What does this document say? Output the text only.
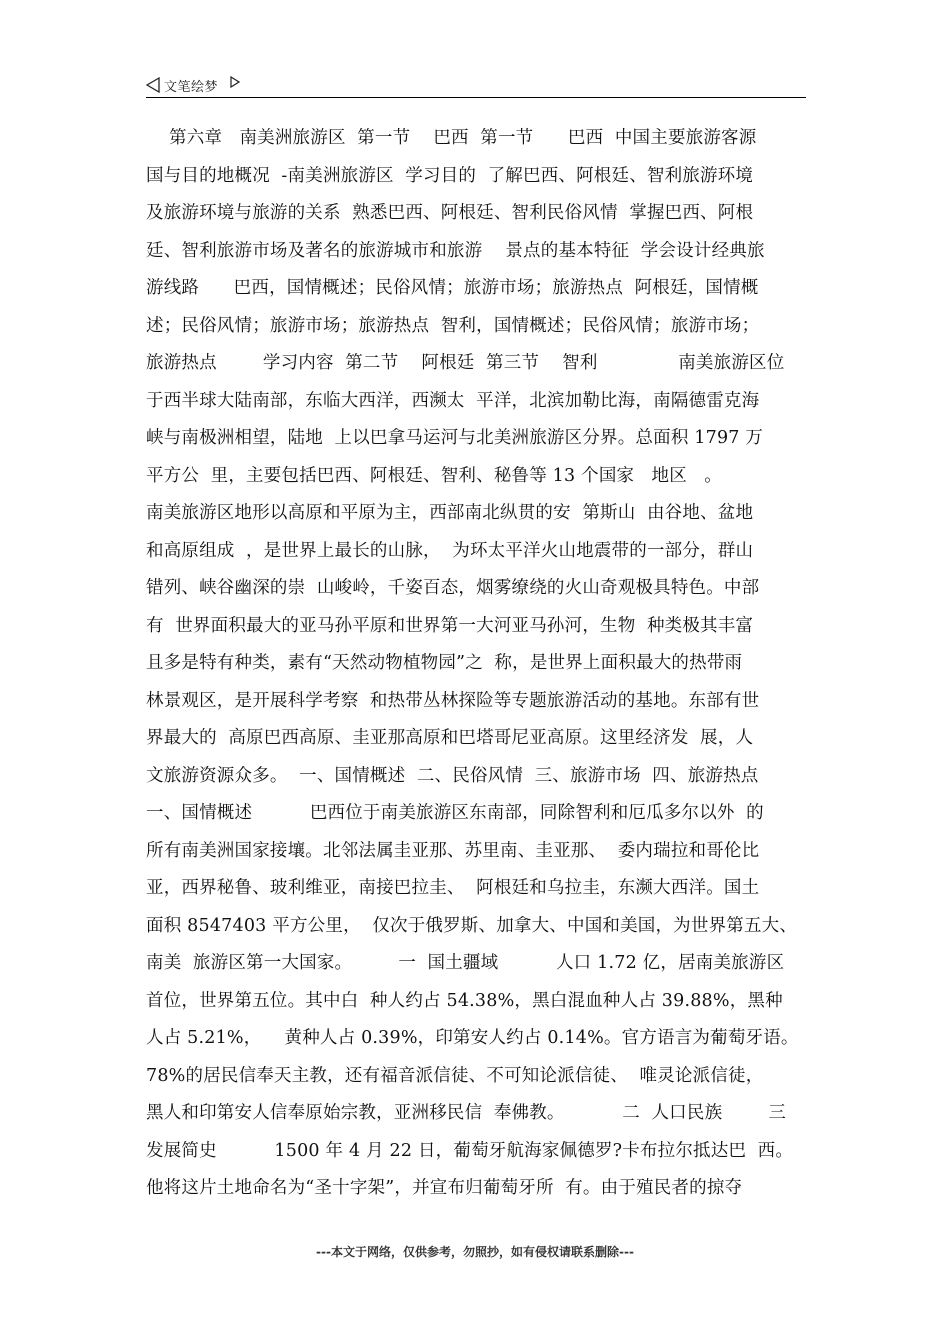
文笔绘梦
第六章   南美洲旅游区  第一节    巴西  第一节      巴西  中国主要旅游客源
国与目的地概况  -南美洲旅游区  学习目的  了解巴西、阿根廷、智利旅游环境
及旅游环境与旅游的关系  熟悉巴西、阿根廷、智利民俗风情  掌握巴西、阿根
廷、智利旅游市场及著名的旅游城市和旅游    景点的基本特征  学会设计经典旅
游线路      巴西，国情概述；民俗风情；旅游市场；旅游热点  阿根廷，国情概
述；民俗风情；旅游市场；旅游热点  智利，国情概述；民俗风情；旅游市场；
旅游热点        学习内容  第二节    阿根廷  第三节    智利              南美旅游区位
于西半球大陆南部，东临大西洋，西濒太  平洋，北滨加勒比海，南隔德雷克海
峡与南极洲相望，陆地  上以巴拿马运河与北美洲旅游区分界。总面积 1797 万
平方公  里，主要包括巴西、阿根廷、智利、秘鲁等 13 个国家   地区   。
南美旅游区地形以高原和平原为主，西部南北纵贯的安  第斯山  由谷地、盆地
和高原组成  ，是世界上最长的山脉，  为环太平洋火山地震带的一部分，群山
错列、峡谷幽深的崇  山峻岭，千姿百态，烟雾缭绕的火山奇观极具特色。中部
有  世界面积最大的亚马孙平原和世界第一大河亚马孙河，生物  种类极其丰富
且多是特有种类，素有“天然动物植物园”之  称，是世界上面积最大的热带雨
林景观区，是开展科学考察  和热带丛林探险等专题旅游活动的基地。东部有世
界最大的  高原巴西高原、圭亚那高原和巴塔哥尼亚高原。这里经济发  展，人
文旅游资源众多。  一、国情概述  二、民俗风情  三、旅游市场  四、旅游热点
一、国情概述          巴西位于南美旅游区东南部，同除智利和厄瓜多尔以外  的
所有南美洲国家接壤。北邻法属圭亚那、苏里南、圭亚那、  委内瑞拉和哥伦比
亚，西界秘鲁、玻利维亚，南接巴拉圭、  阿根廷和乌拉圭，东濒大西洋。国土
面积 8547403 平方公里，  仅次于俄罗斯、加拿大、中国和美国，为世界第五大、
南美  旅游区第一大国家。        一  国土疆域          人口 1.72 亿，居南美旅游区
首位，世界第五位。其中白  种人约占 54.38%，黑白混血种人占 39.88%，黑种
人占 5.21%，    黄种人占 0.39%，印第安人约占 0.14%。官方语言为葡萄牙语。
78%的居民信奉天主教，还有福音派信徒、不可知论派信徒、  唯灵论派信徒，
黑人和印第安人信奉原始宗教，亚洲移民信  奉佛教。          二  人口民族        三
发展简史          1500 年 4 月 22 日，葡萄牙航海家佩德罗?卡布拉尔抵达巴  西。
他将这片土地命名为“圣十字架”，并宣布归葡萄牙所  有。由于殖民者的掠夺
---本文于网络，仅供参考，勿照抄，如有侵权请联系删除---
